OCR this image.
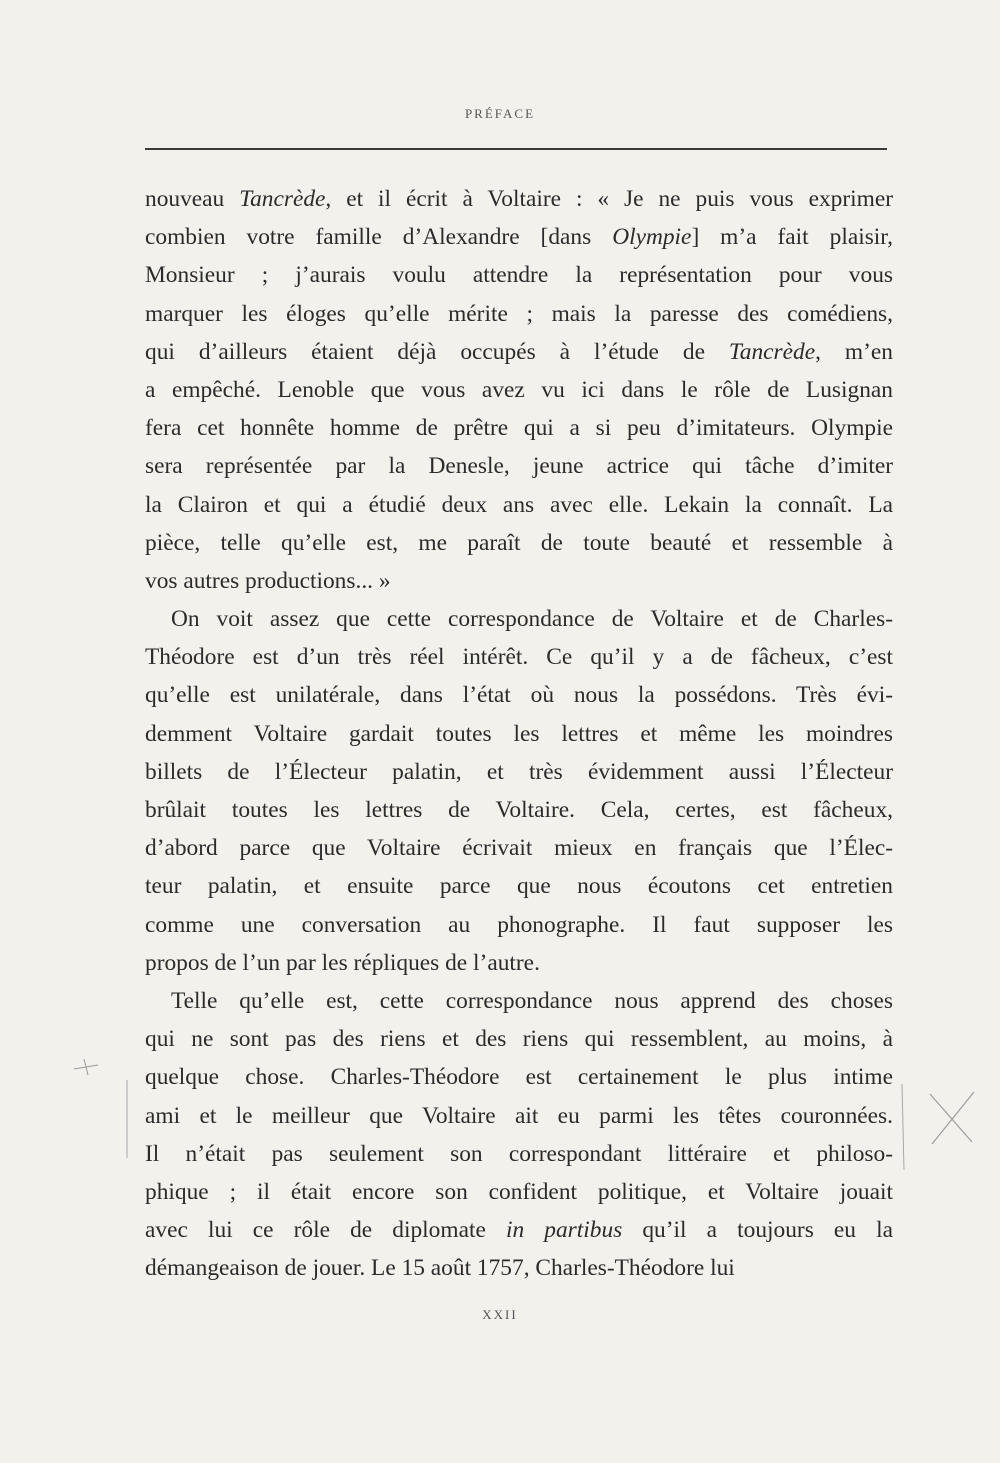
PRÉFACE
nouveau Tancrède, et il écrit à Voltaire : « Je ne puis vous exprimer
combien votre famille d’Alexandre [dans Olympie] m’a fait plaisir,
Monsieur ; j’aurais voulu attendre la représentation pour vous
marquer les éloges qu’elle mérite ; mais la paresse des comédiens,
qui d’ailleurs étaient déjà occupés à l’étude de Tancrède, m’en
a empêché. Lenoble que vous avez vu ici dans le rôle de Lusignan
fera cet honnête homme de prêtre qui a si peu d’imitateurs. Olympie
sera représentée par la Denesle, jeune actrice qui tâche d’imiter
la Clairon et qui a étudié deux ans avec elle. Lekain la connaît. La
pièce, telle qu’elle est, me paraît de toute beauté et ressemble à
vos autres productions... »
On voit assez que cette correspondance de Voltaire et de Charles-
Théodore est d’un très réel intérêt. Ce qu’il y a de fâcheux, c’est
qu’elle est unilatérale, dans l’état où nous la possédons. Très évi-
demment Voltaire gardait toutes les lettres et même les moindres
billets de l’Électeur palatin, et très évidemment aussi l’Électeur
brûlait toutes les lettres de Voltaire. Cela, certes, est fâcheux,
d’abord parce que Voltaire écrivait mieux en français que l’Élec-
teur palatin, et ensuite parce que nous écoutons cet entretien
comme une conversation au phonographe. Il faut supposer les
propos de l’un par les répliques de l’autre.
Telle qu’elle est, cette correspondance nous apprend des choses
qui ne sont pas des riens et des riens qui ressemblent, au moins, à
quelque chose. Charles-Théodore est certainement le plus intime
ami et le meilleur que Voltaire ait eu parmi les têtes couronnées.
Il n’était pas seulement son correspondant littéraire et philoso-
phique ; il était encore son confident politique, et Voltaire jouait
avec lui ce rôle de diplomate in partibus qu’il a toujours eu la
démangeaison de jouer. Le 15 août 1757, Charles-Théodore lui
XXII
